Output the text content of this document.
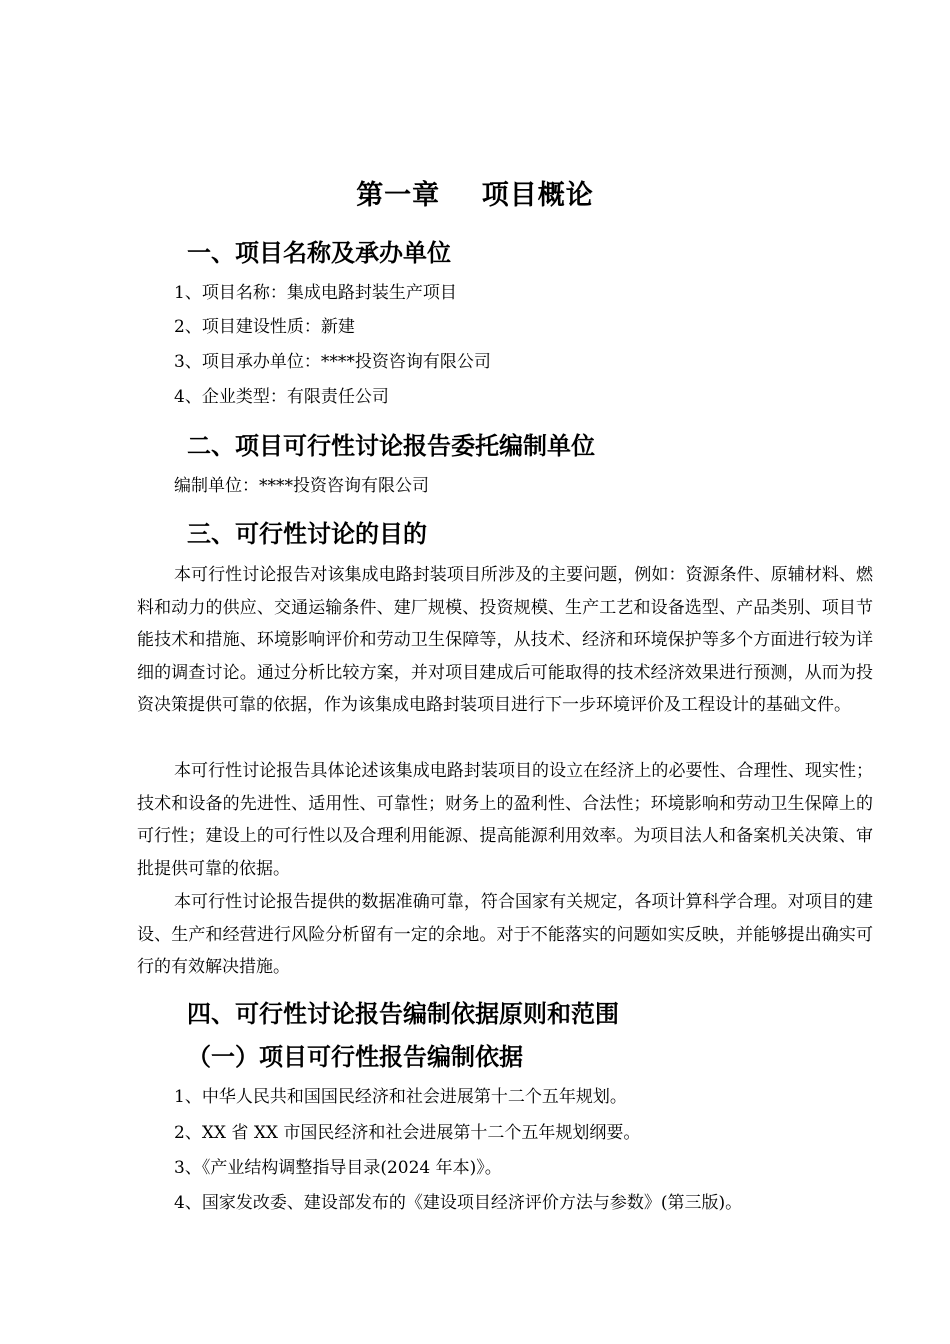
第一章    项目概论
一、项目名称及承办单位
1、项目名称：集成电路封装生产项目
2、项目建设性质：新建
3、项目承办单位：****投资咨询有限公司
4、企业类型：有限责任公司
二、项目可行性讨论报告委托编制单位
编制单位：****投资咨询有限公司
三、可行性讨论的目的

本可行性讨论报告对该集成电路封装项目所涉及的主要问题，例如：资源条件、原辅材料、燃料和动力的供应、交通运输条件、建厂规模、投资规模、生产工艺和设备选型、产品类别、项目节能技术和措施、环境影响评价和劳动卫生保障等，从技术、经济和环境保护等多个方面进行较为详细的调查讨论。通过分析比较方案，并对项目建成后可能取得的技术经济效果进行预测，从而为投资决策提供可靠的依据，作为该集成电路封装项目进行下一步环境评价及工程设计的基础文件。

本可行性讨论报告具体论述该集成电路封装项目的设立在经济上的必要性、合理性、现实性；技术和设备的先进性、适用性、可靠性；财务上的盈利性、合法性；环境影响和劳动卫生保障上的可行性；建设上的可行性以及合理利用能源、提高能源利用效率。为项目法人和备案机关决策、审批提供可靠的依据。

本可行性讨论报告提供的数据准确可靠，符合国家有关规定，各项计算科学合理。对项目的建设、生产和经营进行风险分析留有一定的余地。对于不能落实的问题如实反映，并能够提出确实可行的有效解决措施。

四、可行性讨论报告编制依据原则和范围
（一）项目可行性报告编制依据
1、中华人民共和国国民经济和社会进展第十二个五年规划。
2、XX 省 XX 市国民经济和社会进展第十二个五年规划纲要。
3、《产业结构调整指导目录(2024 年本)》。
4、国家发改委、建设部发布的《建设项目经济评价方法与参数》(第三版)。
